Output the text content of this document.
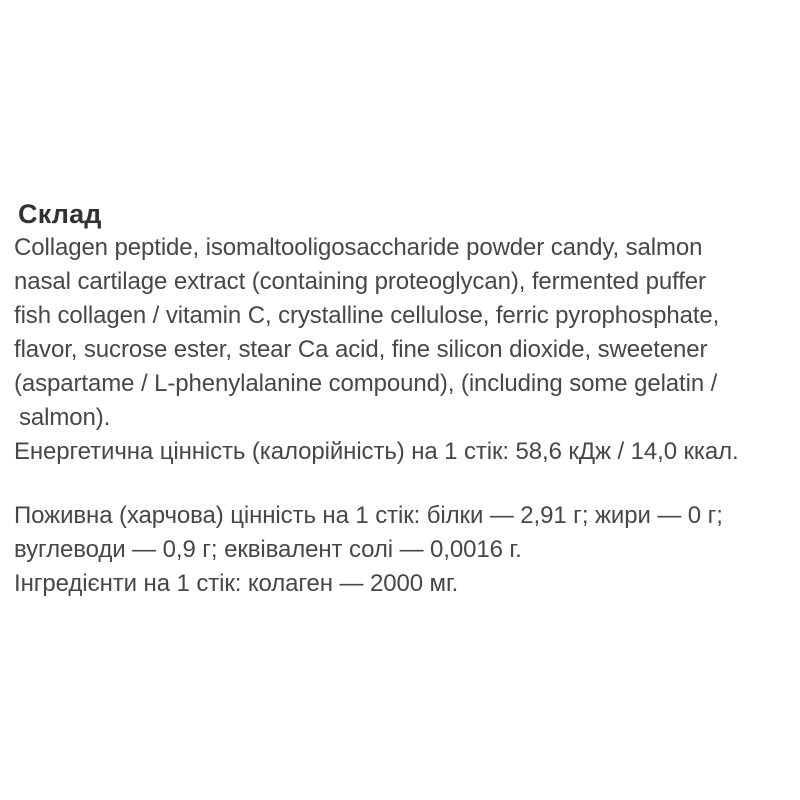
Склад
Collagen peptide, isomaltooligosaccharide powder candy, salmon
nasal cartilage extract (containing proteoglycan), fermented puffer
fish collagen / vitamin C, crystalline cellulose, ferric pyrophosphate,
flavor, sucrose ester, stear Ca acid, fine silicon dioxide, sweetener
(aspartame / L-phenylalanine compound), (including some gelatin /
salmon).
Енергетична цінність (калорійність) на 1 стік: 58,6 кДж / 14,0 ккал.
Поживна (харчова) цінність на 1 стік: білки — 2,91 г; жири — 0 г;
вуглеводи — 0,9 г; еквівалент солі — 0,0016 г.
Інгредієнти на 1 стік: колаген — 2000 мг.
